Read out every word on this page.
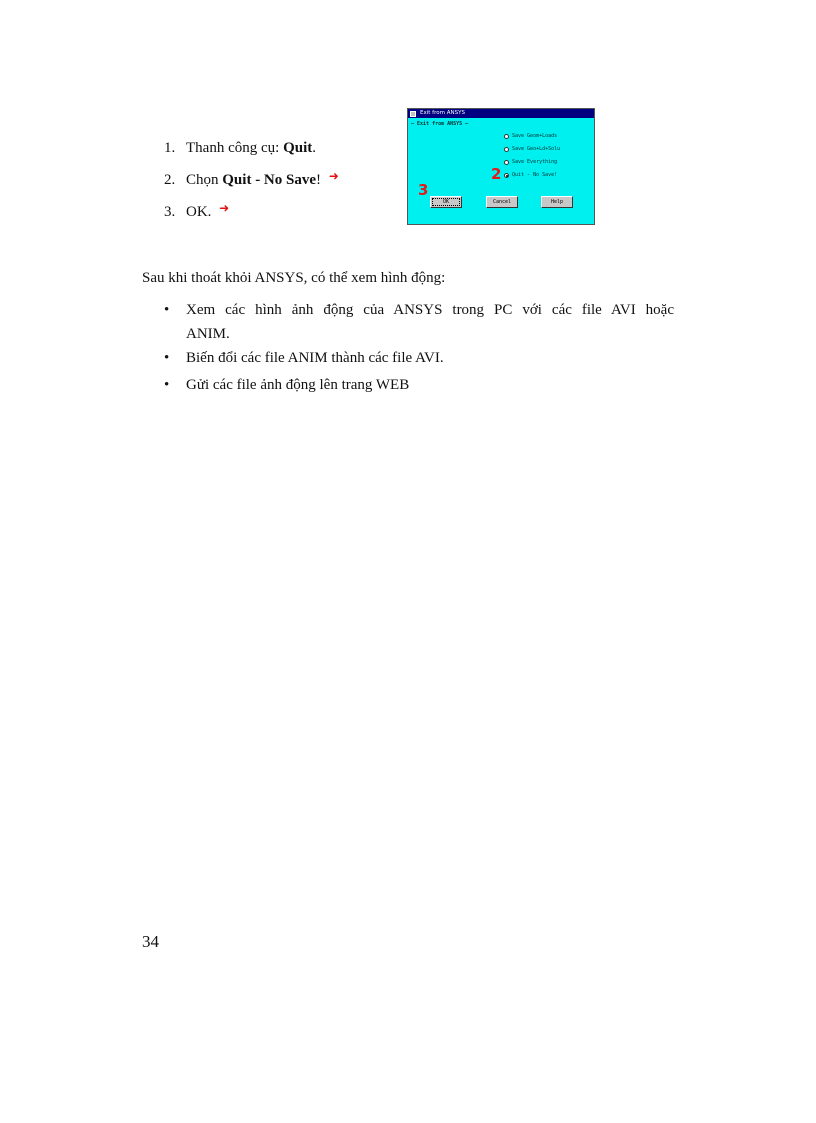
1. Thanh công cụ: Quit.
2. Chọn Quit - No Save! ➜
3. OK. ➜
Exit from ANSYS
— Exit from ANSYS —
Save Geom+Loads
Save Geo+Ld+Solu
Save Everything
Quit - No Save!
2
3
OK	Cancel	Help

Sau khi thoát khỏi ANSYS, có thể xem hình động:

• Xem các hình ảnh động của ANSYS trong PC với các file AVI hoặc
ANIM.
• Biến đổi các file ANIM thành các file AVI.
• Gửi các file ảnh động lên trang WEB
34
